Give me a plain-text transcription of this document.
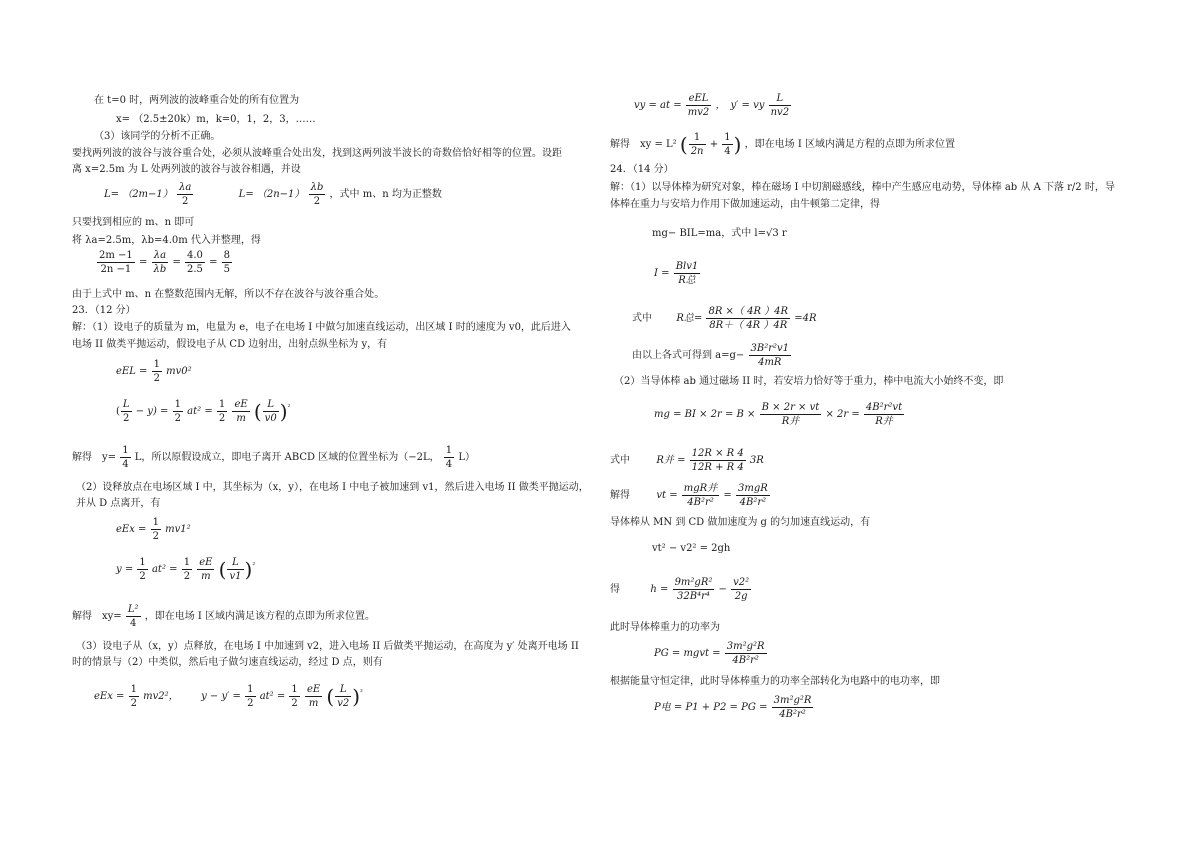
在 t=0 时，两列波的波峰重合处的所有位置为
x= （2.5±20k）m，k=0，1，2，3，……
（3）该同学的分析不正确。
要找两列波的波谷与波谷重合处，必须从波峰重合处出发，找到这两列波半波长的奇数倍恰好相等的位置。设距
离 x=2.5m 为 L 处两列波的波谷与波谷相遇，并设
$L= (2m-1) \frac{\lambda a}{2}$	$L= (2n-1) \frac{\lambda b}{2}$ ，式中 m、n 均为正整数
只要找到相应的 m、n 即可
将 λa=2.5m，λb=4.0m 代入并整理，得
$\frac{2m -1}{2n -1} = \frac{\lambda a}{\lambda b} = \frac{4.0}{2.5} = \frac{8}{5}$
由于上式中 m、n 在整数范围内无解，所以不存在波谷与波谷重合处。
23．（12 分）
解：（1）设电子的质量为 m，电量为 e，电子在电场 I 中做匀加速直线运动，出区域 I 时的速度为 v0，此后进入
电场 II 做类平抛运动，假设电子从 CD 边射出，出射点纵坐标为 y，有
eEL = $\frac{1}{2} mv0^2$
( $\frac{L}{2} - y) = \frac{1}{2} at^2 = \frac{1}{2}$
$\frac{eE}{m}$ ( $\frac{L}{v0} )^{^2}$
解得　$y= \frac{1}{4}$ L，所以原假设成立，即电子离开 ABCD 区域的位置坐标为（−2L， $\frac{1}{4} L$）
（2）设释放点在电场区域 I 中，其坐标为（x，y），在电场 I 中电子被加速到 v1，然后进入电场 II 做类平抛运动，
并从 D 点离开，有
eEx = $\frac{1}{2} mv1^2$
$y = \frac{1}{2} at^2 = \frac{1}{2}$
$\frac{eE}{m}$ ( $\frac{L}{v1} )^{^2}$
解得　$xy= \frac{\text{L²}}{4}$ ，即在电场 I 区域内满足该方程的点即为所求位置。
（3）设电子从（x，y）点释放，在电场 I 中加速到 v2，进入电场 II 后做类平抛运动，在高度为 y′ 处离开电场 II
时的情景与（2）中类似，然后电子做匀速直线运动，经过 D 点，则有
eEx = $\frac{1}{2} mv2^2$， $y - y' = \frac{1}{2} at^2 = \frac{1}{2}$
$\frac{eE}{m}$ ( $\frac{L}{v2} )^{^2}$
vy = at = $\frac{\text{eEL}}{mv2}$ ，　y′ = vy $\frac{L}{nv2}$
解得　xy = L² ( $\frac{1}{2n} + \frac{1}{4}$ ) ，即在电场 I 区域内满足方程的点即为所求位置
24．（14 分）
解：（1）以导体棒为研究对象，棒在磁场 I 中切割磁感线，棒中产生感应电动势，导体棒 ab 从 A 下落 r/2 时，导
体棒在重力与安培力作用下做加速运动，由牛顿第二定律，得
mg− BIL=ma，式中 l=√3 r
$I = \frac{\text{Blv1}}{\text{R总}}$
式中 R总= $\frac{8R \times( 4R )4R}{8R+( 4R )4R} =4R$
由以上各式可得到 $a=g- \frac{\text{3B²r²v1}}{4mR}$
（2）当导体棒 ab 通过磁场 II 时，若安培力恰好等于重力，棒中电流大小始终不变，即
mg = BI × $2r = B \times \frac{B \times 2r \times vt}{\text{R并}} \times 2r = \frac{\text{4B²r²vt}}{\text{R并}}$
式中	R并 = $\frac{12R \times R 4}{12R + R 4} 3R$
解得	vt = $\frac{\text{mgR并}}{\text{4B²r²}} = \frac{\text{3mgR}}{\text{4B²r²}}$
导体棒从 MN 到 CD 做加速度为 g 的匀加速直线运动，有
vt² − v2² = 2gh
得	$h = \frac{\text{9m²gR²}}{\text{32B⁴r⁴}} - \frac{\text{v2²}}{2g}$
此时导体棒重力的功率为
PG = mgvt = $\frac{\text{3m²g²R}}{\text{4B²r²}}$
根据能量守恒定律，此时导体棒重力的功率全部转化为电路中的电功率，即
P电 = P1 + P2 = PG = $\frac{\text{3m²g²R}}{\text{4B²r²}}$
